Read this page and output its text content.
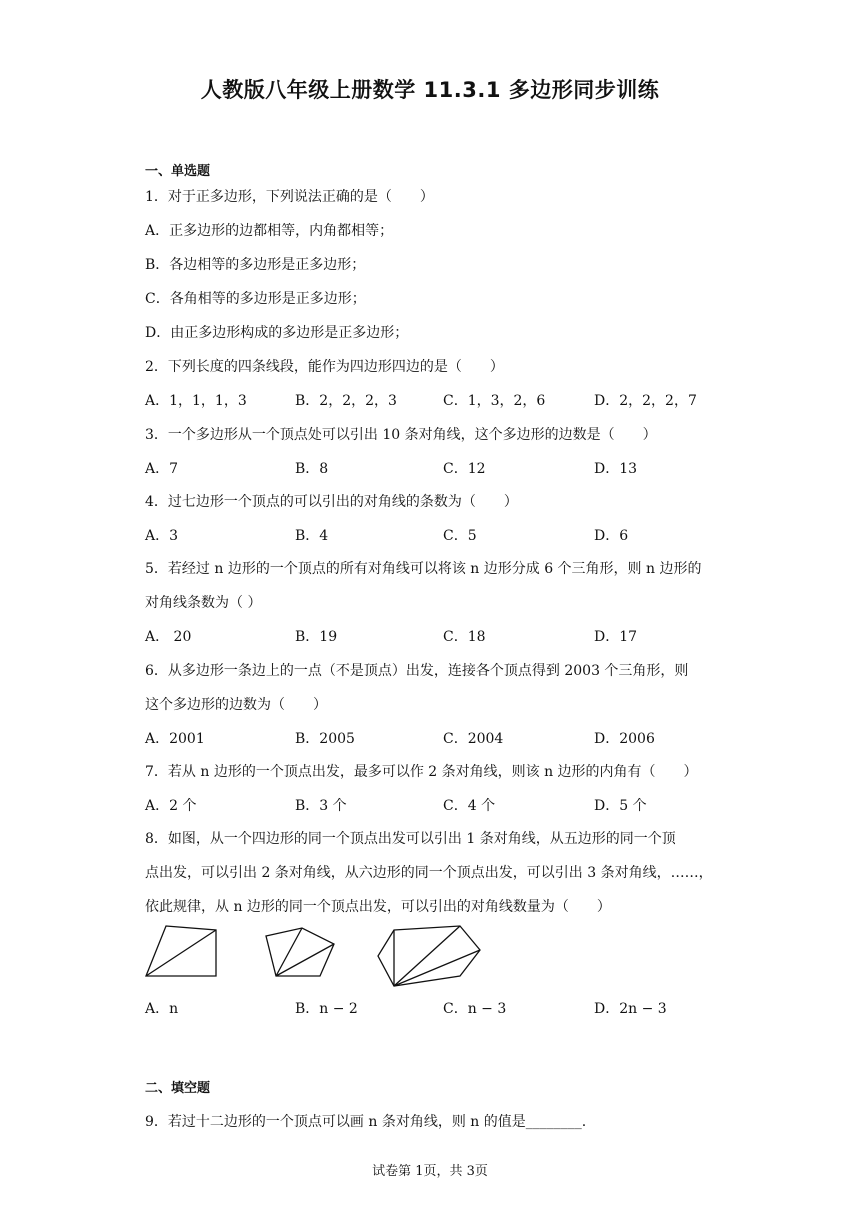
人教版八年级上册数学 11.3.1 多边形同步训练
一、单选题
1．对于正多边形，下列说法正确的是（　　）
A．正多边形的边都相等，内角都相等；
B．各边相等的多边形是正多边形；
C．各角相等的多边形是正多边形；
D．由正多边形构成的多边形是正多边形；
2．下列长度的四条线段，能作为四边形四边的是（　　）
A．1，1，1，3	B．2，2，2，3	C．1，3，2，6	D．2，2，2，7
3．一个多边形从一个顶点处可以引出 10 条对角线，这个多边形的边数是（　　）
A．7	B．8	C．12	D．13
4．过七边形一个顶点的可以引出的对角线的条数为（　　）
A．3	B．4	C．5	D．6
5．若经过 n 边形的一个顶点的所有对角线可以将该 n 边形分成 6 个三角形，则 n 边形的
对角线条数为（ ）
A． 20	B．19	C．18	D．17
6．从多边形一条边上的一点（不是顶点）出发，连接各个顶点得到 2003 个三角形，则
这个多边形的边数为（　　）
A．2001	B．2005	C．2004	D．2006
7．若从 n 边形的一个顶点出发，最多可以作 2 条对角线，则该 n 边形的内角有（　　）
A．2 个	B．3 个	C．4 个	D．5 个
8．如图，从一个四边形的同一个顶点出发可以引出 1 条对角线，从五边形的同一个顶
点出发，可以引出 2 条对角线，从六边形的同一个顶点出发，可以引出 3 条对角线，……，
依此规律，从 n 边形的同一个顶点出发，可以引出的对角线数量为（　　）
A．n	B．n − 2	C．n − 3	D．2n − 3
二、填空题
9．若过十二边形的一个顶点可以画 n 条对角线，则 n 的值是________.
试卷第 1页，共 3页
